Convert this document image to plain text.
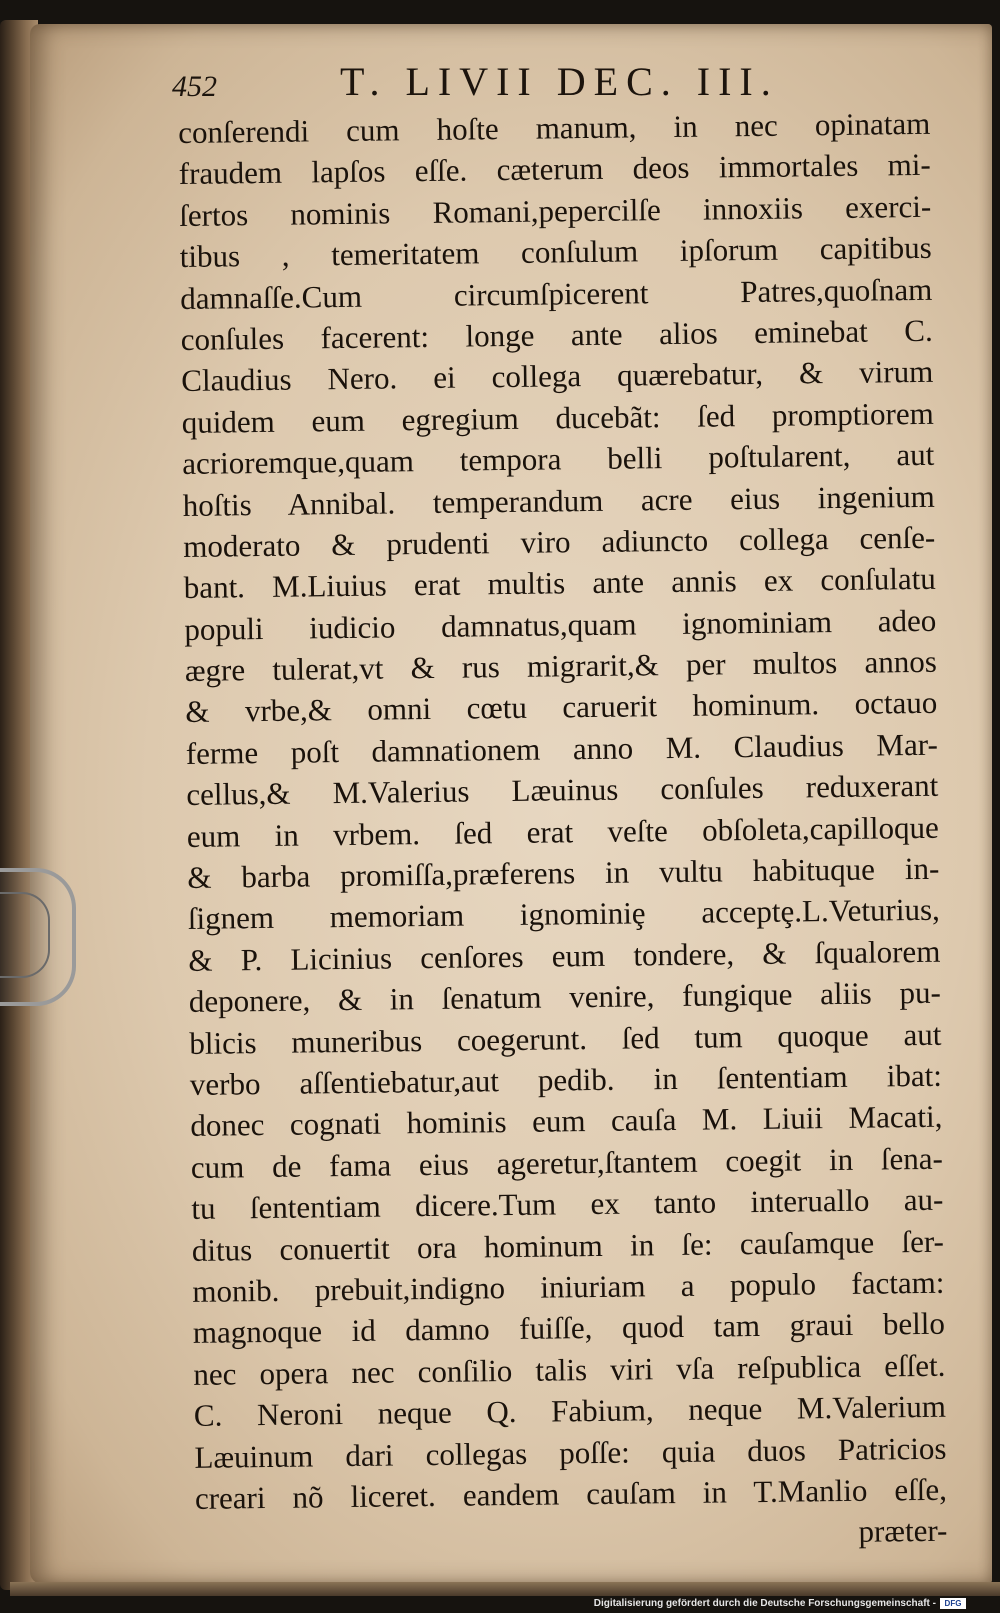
452	T. LIVII DEC. III.
conſerendi cum hoſte manum, in nec opinatam
fraudem lapſos eſſe. cæterum deos immortales mi-
ſertos nominis Romani,pepercilſe innoxiis exerci-
tibus , temeritatem conſulum ipſorum capitibus
damnaſſe.Cum circumſpicerent Patres,quoſnam
conſules facerent: longe ante alios eminebat C.
Claudius Nero. ei collega quærebatur, & virum
quidem eum egregium ducebãt: ſed promptiorem
acrioremque,quam tempora belli poſtularent, aut
hoſtis Annibal. temperandum acre eius ingenium
moderato & prudenti viro adiuncto collega cenſe-
bant. M.Liuius erat multis ante annis ex conſulatu
populi iudicio damnatus,quam ignominiam adeo
ægre tulerat,vt & rus migrarit,& per multos annos
& vrbe,& omni cœtu caruerit hominum. octauo
ferme poſt damnationem anno M. Claudius Mar-
cellus,& M.Valerius Læuinus conſules reduxerant
eum in vrbem. ſed erat veſte obſoleta,capilloque
& barba promiſſa,præferens in vultu habituque in-
ſignem memoriam ignominiȩ acceptȩ.L.Veturius,
& P. Licinius cenſores eum tondere, & ſqualorem
deponere, & in ſenatum venire, fungique aliis pu-
blicis muneribus coegerunt. ſed tum quoque aut
verbo aſſentiebatur,aut pedib. in ſententiam ibat:
donec cognati hominis eum cauſa M. Liuii Macati,
cum de fama eius ageretur,ſtantem coegit in ſena-
tu ſententiam dicere.Tum ex tanto interuallo au-
ditus conuertit ora hominum in ſe: cauſamque ſer-
monib. prebuit,indigno iniuriam a populo factam:
magnoque id damno fuiſſe, quod tam graui bello
nec opera nec conſilio talis viri vſa reſpublica eſſet.
C. Neroni neque Q. Fabium, neque M.Valerium
Læuinum dari collegas poſſe: quia duos Patricios
creari nõ liceret. eandem cauſam in T.Manlio eſſe,
præter-
Digitalisierung gefördert durch die Deutsche Forschungsgemeinschaft -	DFG
